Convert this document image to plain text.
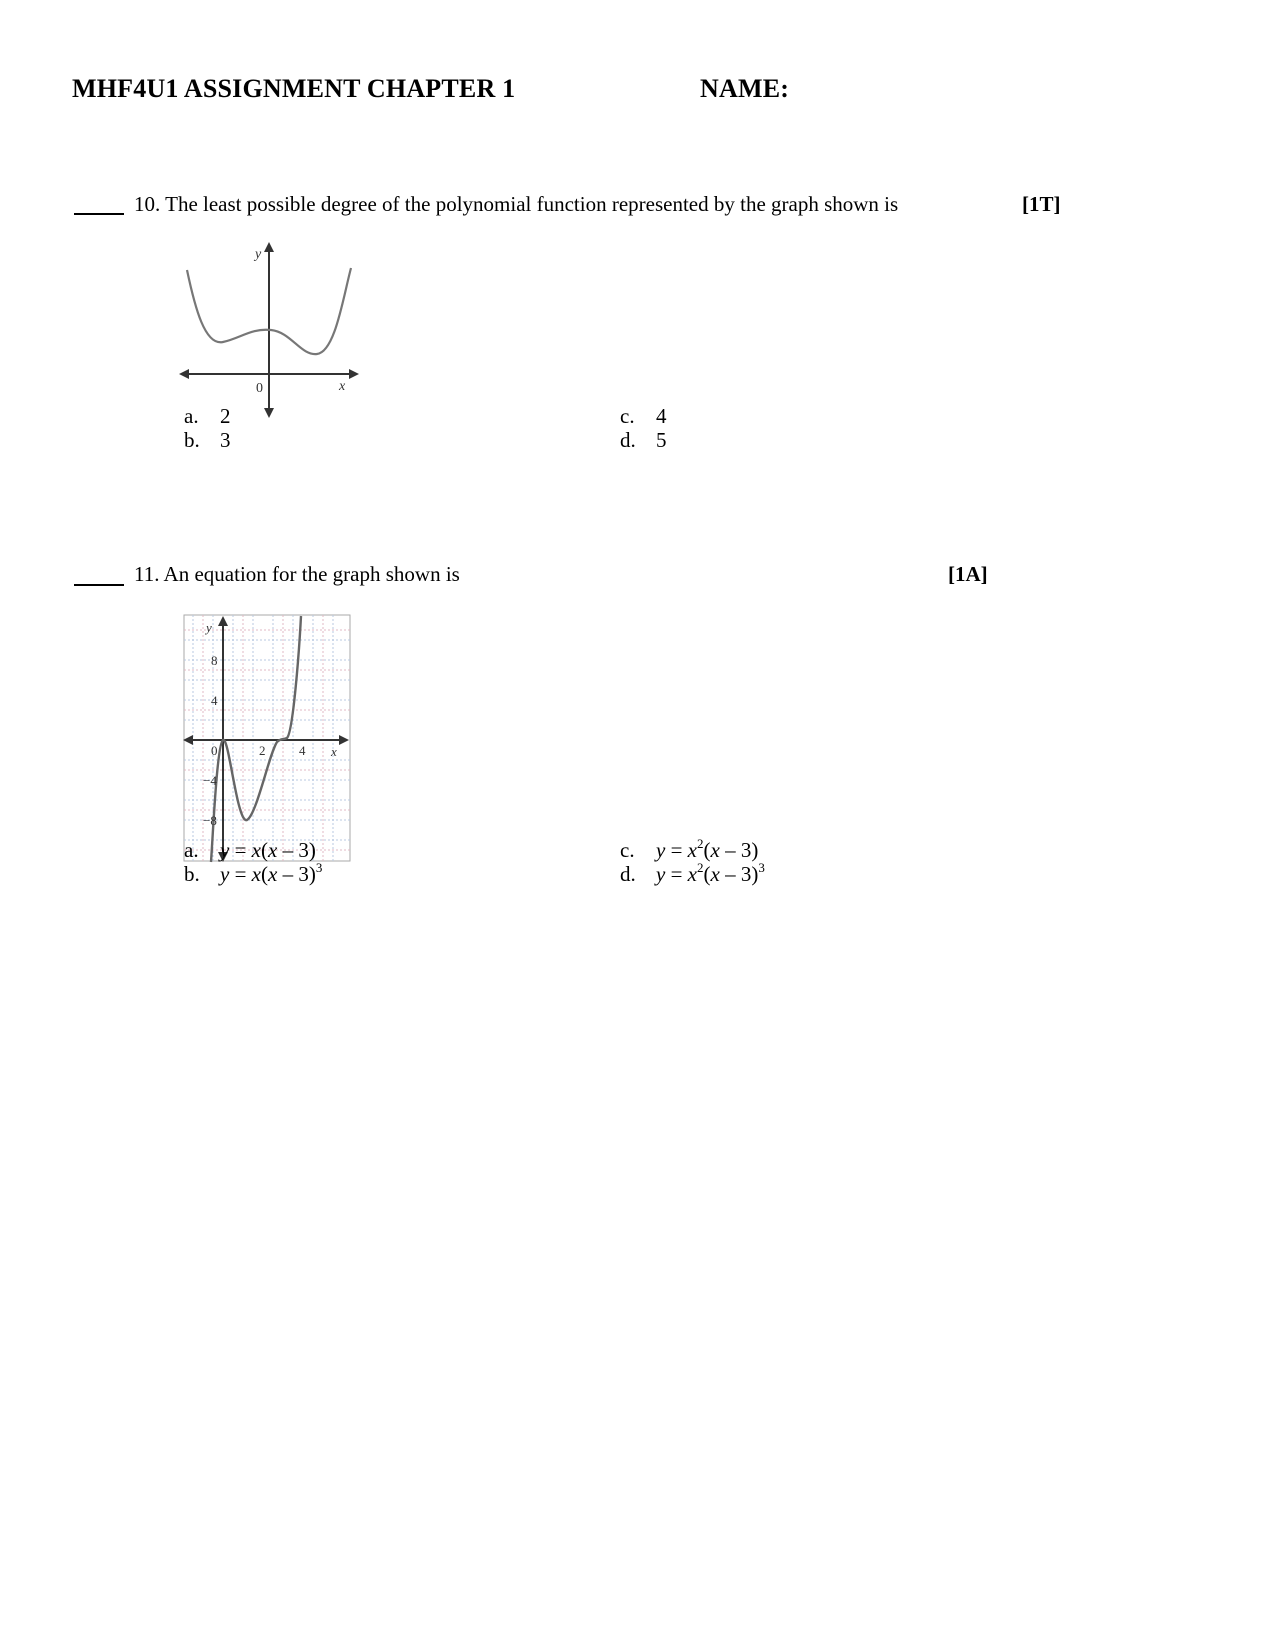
MHF4U1 ASSIGNMENT CHAPTER 1	NAME:
10. The least possible degree of the polynomial function represented by the graph shown is	[1T]
y
x
0
a. 2
b. 3
c. 4
d. 5
11. An equation for the graph shown is	[1A]
y
x
0	2	4
8
4
−4
−8
a. y = x(x – 3)
b. y = x(x – 3)$^3$
c. $y = x^2(x - 3)$
d. $y = x^2(x - 3)^3$
